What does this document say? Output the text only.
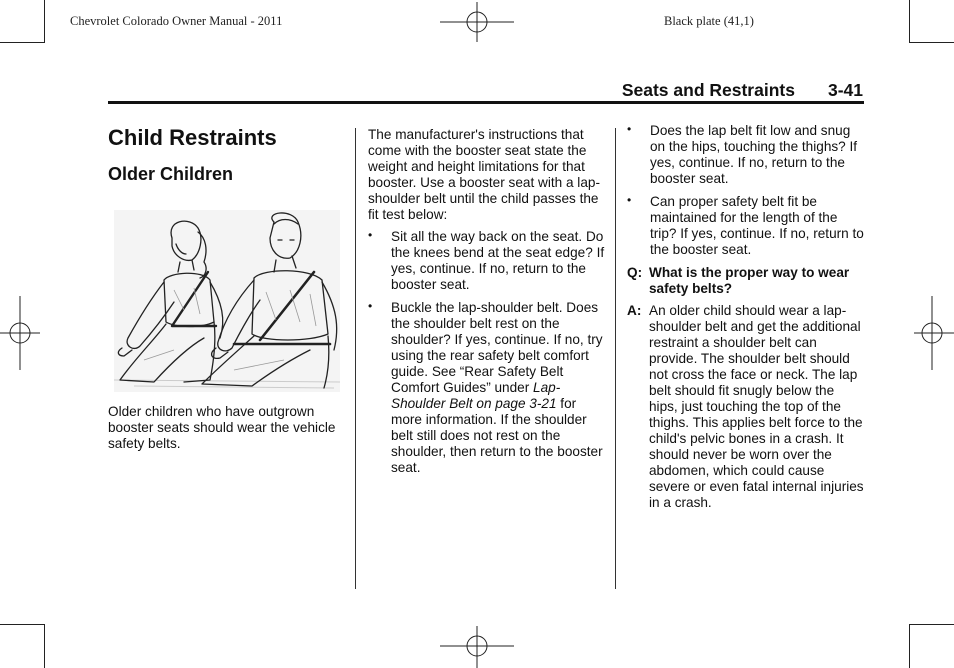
Chevrolet Colorado Owner Manual - 2011	Black plate (41,1)
Seats and Restraints 3-41
Child Restraints
Older Children
Older children who have outgrown booster seats should wear the vehicle safety belts.
The manufacturer's instructions that come with the booster seat state the weight and height limitations for that booster. Use a booster seat with a lap-shoulder belt until the child passes the fit test below:
• Sit all the way back on the seat. Do the knees bend at the seat edge? If yes, continue. If no, return to the booster seat.
• Buckle the lap-shoulder belt. Does the shoulder belt rest on the shoulder? If yes, continue. If no, try using the rear safety belt comfort guide. See “Rear Safety Belt Comfort Guides” under Lap-Shoulder Belt on page 3-21 for more information. If the shoulder belt still does not rest on the shoulder, then return to the booster seat.
• Does the lap belt fit low and snug on the hips, touching the thighs? If yes, continue. If no, return to the booster seat.
• Can proper safety belt fit be maintained for the length of the trip? If yes, continue. If no, return to the booster seat.
Q: What is the proper way to wear safety belts?
A: An older child should wear a lap-shoulder belt and get the additional restraint a shoulder belt can provide. The shoulder belt should not cross the face or neck. The lap belt should fit snugly below the hips, just touching the top of the thighs. This applies belt force to the child's pelvic bones in a crash. It should never be worn over the abdomen, which could cause severe or even fatal internal injuries in a crash.
